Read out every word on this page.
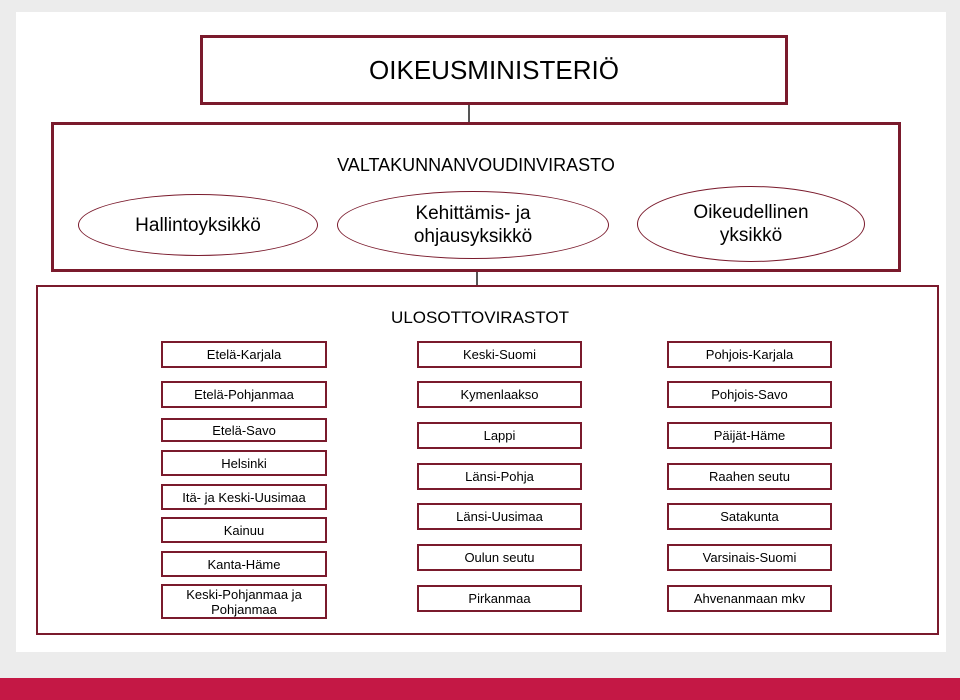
OIKEUSMINISTERIÖ
VALTAKUNNANVOUDINVIRASTO
Hallintoyksikkö
Kehittämis- ja ohjausyksikkö
Oikeudellinen yksikkö
ULOSOTTOVIRASTOT
Etelä-Karjala
Etelä-Pohjanmaa
Etelä-Savo
Helsinki
Itä- ja Keski-Uusimaa
Kainuu
Kanta-Häme
Keski-Pohjanmaa ja Pohjanmaa
Keski-Suomi
Kymenlaakso
Lappi
Länsi-Pohja
Länsi-Uusimaa
Oulun seutu
Pirkanmaa
Pohjois-Karjala
Pohjois-Savo
Päijät-Häme
Raahen seutu
Satakunta
Varsinais-Suomi
Ahvenanmaan mkv
